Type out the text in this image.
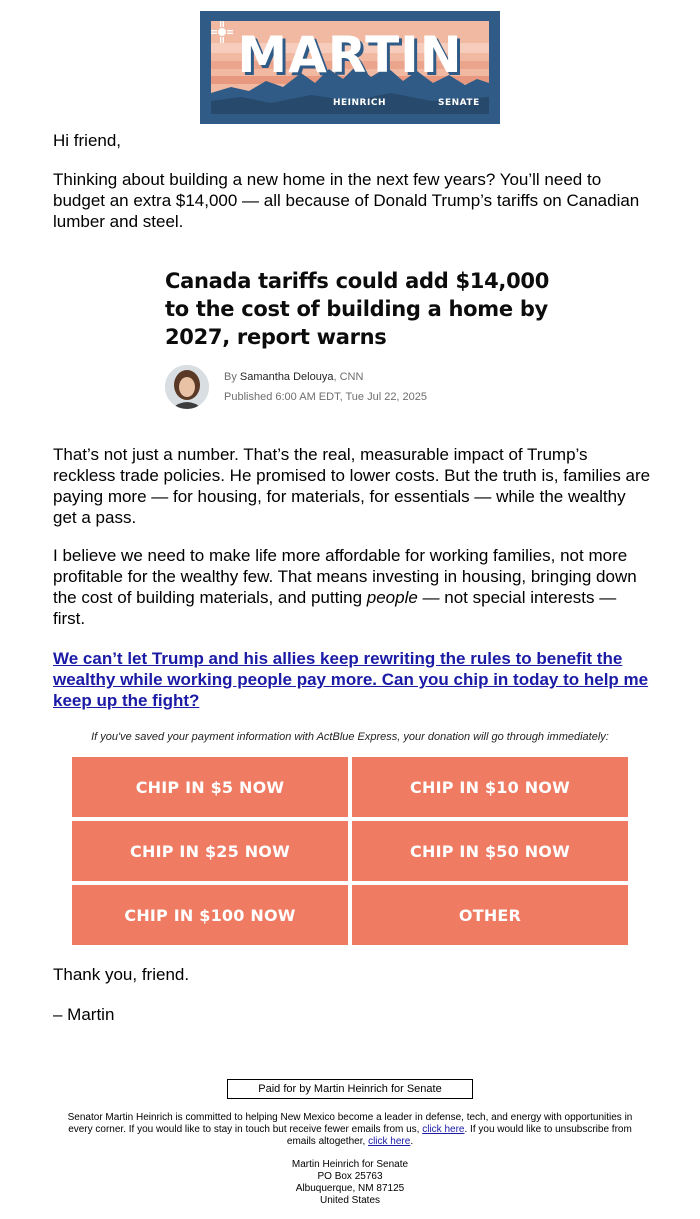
MARTIN
HEINRICH	SENATE
Hi friend,
Thinking about building a new home in the next few years? You’ll need to budget an extra $14,000 — all because of Donald Trump’s tariffs on Canadian lumber and steel.
Canada tariffs could add $14,000 to the cost of building a home by 2027, report warns
By Samantha Delouya, CNN
Published 6:00 AM EDT, Tue Jul 22, 2025
That’s not just a number. That’s the real, measurable impact of Trump’s reckless trade policies. He promised to lower costs. But the truth is, families are paying more — for housing, for materials, for essentials — while the wealthy get a pass.
I believe we need to make life more affordable for working families, not more profitable for the wealthy few. That means investing in housing, bringing down the cost of building materials, and putting people — not special interests — first.
We can’t let Trump and his allies keep rewriting the rules to benefit the wealthy while working people pay more. Can you chip in today to help me keep up the fight?
If you've saved your payment information with ActBlue Express, your donation will go through immediately:
CHIP IN $5 NOW	CHIP IN $10 NOW
CHIP IN $25 NOW	CHIP IN $50 NOW
CHIP IN $100 NOW	OTHER
Thank you, friend.
– Martin
Paid for by Martin Heinrich for Senate
Senator Martin Heinrich is committed to helping New Mexico become a leader in defense, tech, and energy with opportunities in every corner. If you would like to stay in touch but receive fewer emails from us, click here. If you would like to unsubscribe from emails altogether, click here.
Martin Heinrich for Senate
PO Box 25763
Albuquerque, NM 87125
United States
